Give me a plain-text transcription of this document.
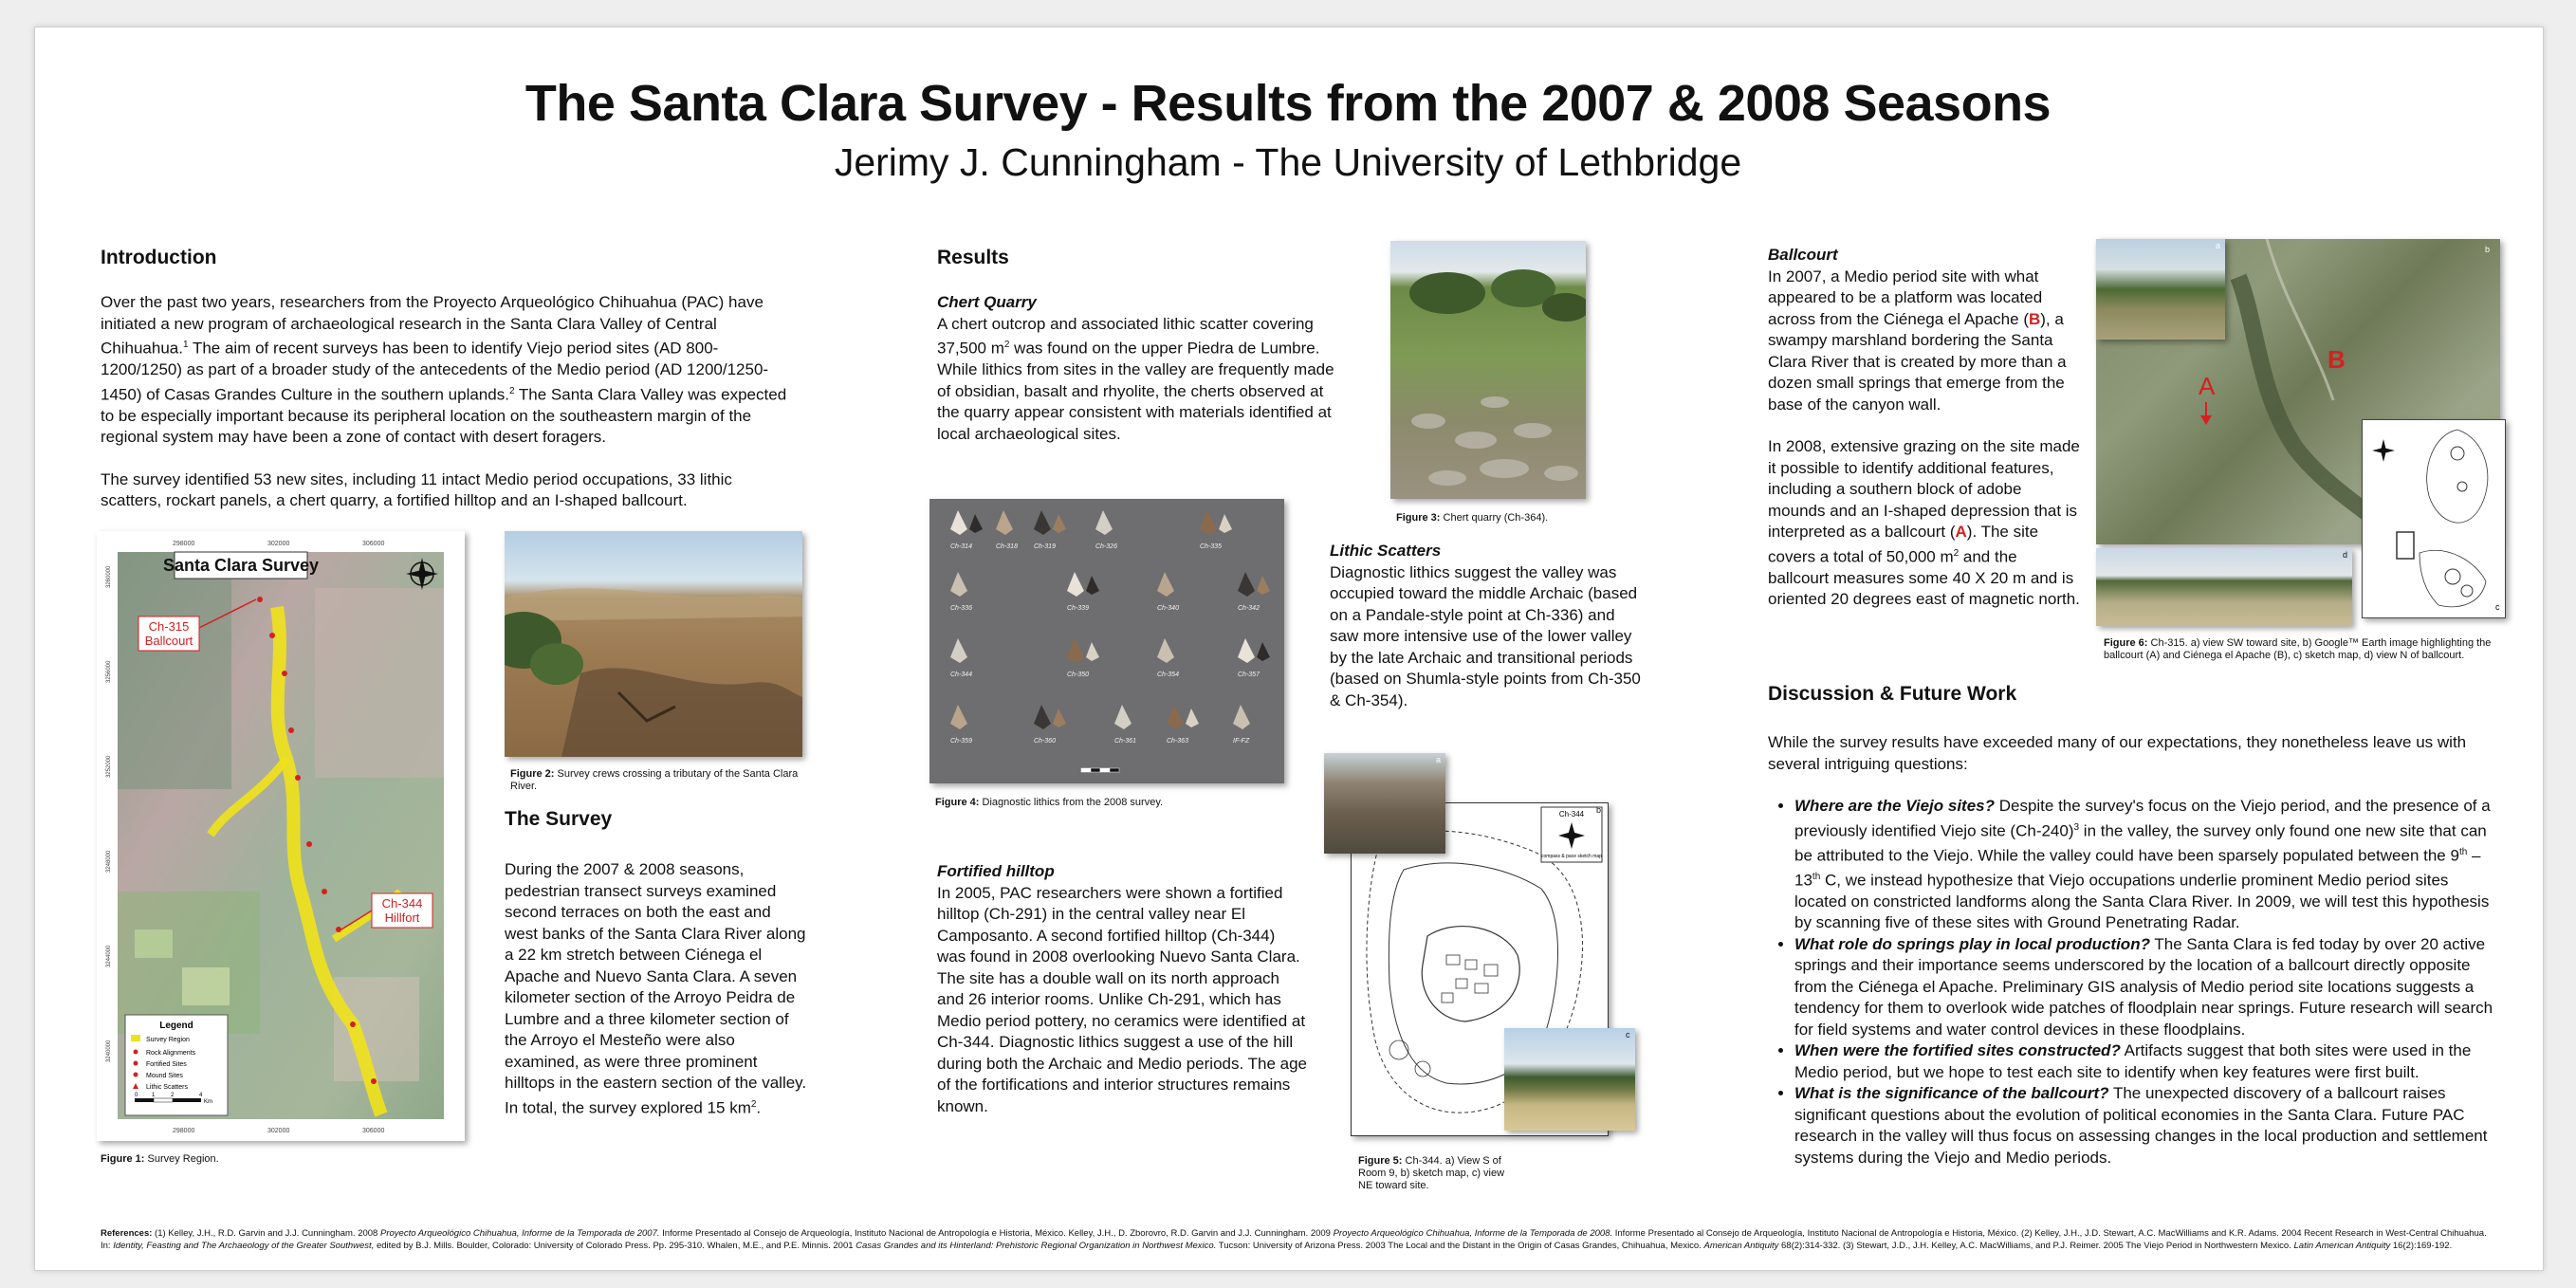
The Santa Clara Survey - Results from the 2007 & 2008 Seasons
Jerimy J. Cunningham - The University of Lethbridge
Introduction

Over the past two years, researchers from the Proyecto Arqueológico Chihuahua (PAC) have initiated a new program of archaeological research in the Santa Clara Valley of Central Chihuahua.$^1$ The aim of recent surveys has been to identify Viejo period sites (AD 800-1200/1250) as part of a broader study of the antecedents of the Medio period (AD 1200/1250-1450) of Casas Grandes Culture in the southern uplands.$^2$ The Santa Clara Valley was expected to be especially important because its peripheral location on the southeastern margin of the regional system may have been a zone of contact with desert foragers.

The survey identified 53 new sites, including 11 intact Medio period occupations, 33 lithic scatters, rockart panels, a chert quarry, a fortified hilltop and an I-shaped ballcourt.

Santa Clara Survey
Ch-315
Ballcourt
Ch-344
Hillfort
Legend
Survey Region
Rock Alignments
Fortified Sites
Mound Sites
Lithic Scatters
0 1	2	4
Km
298000	302000	306000
298000	302000	306000
3260000
3256000
3252000
3248000
3244000
3240000
Figure 1: Survey Region.
Figure 2: Survey crews crossing a tributary of the Santa Clara River.
The Survey
During the 2007 & 2008 seasons, pedestrian transect surveys examined second terraces on both the east and west banks of the Santa Clara River along a 22 km stretch between Ciénega el Apache and Nuevo Santa Clara. A seven kilometer section of the Arroyo Peidra de Lumbre and a three kilometer section of the Arroyo el Mesteño were also examined, as were three prominent hilltops in the eastern section of the valley. In total, the survey explored 15 $km^2$.
Results
Chert Quarry
A chert outcrop and associated lithic scatter covering 37,500 $m^2$ was found on the upper Piedra de Lumbre. While lithics from sites in the valley are frequently made of obsidian, basalt and rhyolite, the cherts observed at the quarry appear consistent with materials identified at local archaeological sites.
Ch-314	Ch-318 Ch-319	Ch-326	Ch-335
Ch-336	Ch-339	Ch-340	Ch-342
Ch-344	Ch-350	Ch-354	Ch-357
Ch-359	Ch-360	Ch-361	Ch-363	IF-FZ
Figure 4: Diagnostic lithics from the 2008 survey.
Fortified hilltop
In 2005, PAC researchers were shown a fortified hilltop (Ch-291) in the central valley near El Camposanto. A second fortified hilltop (Ch-344) was found in 2008 overlooking Nuevo Santa Clara. The site has a double wall on its north approach and 26 interior rooms. Unlike Ch-291, which has Medio period pottery, no ceramics were identified at Ch-344. Diagnostic lithics suggest a use of the hill during both the Archaic and Medio periods. The age of the fortifications and interior structures remains known.
Figure 3: Chert quarry (Ch-364).
Lithic Scatters
Diagnostic lithics suggest the valley was occupied toward the middle Archaic (based on a Pandale-style point at Ch-336) and saw more intensive use of the lower valley by the late Archaic and transitional periods (based on Shumla-style points from Ch-350 & Ch-354).
Ch-344
compass & pace sketch map
b
a
c
Figure 5: Ch-344. a) View S of Room 9, b) sketch map, c) view NE toward site.
Ballcourt

In 2007, a Medio period site with what appeared to be a platform was located across from the Ciénega el Apache (B), a swampy marshland bordering the Santa Clara River that is created by more than a dozen small springs that emerge from the base of the canyon wall.

In 2008, extensive grazing on the site made it possible to identify additional features, including a southern block of adobe mounds and an I-shaped depression that is interpreted as a ballcourt (A). The site covers a total of 50,000 $m^2$ and the ballcourt measures some 40 X 20 m and is oriented 20 degrees east of magnetic north.

B
A
b
a
c
d
Figure 6: Ch-315. a) view SW toward site, b) Google™ Earth image highlighting the ballcourt (A) and Ciénega el Apache (B), c) sketch map, d) view N of ballcourt.
Discussion & Future Work

While the survey results have exceeded many of our expectations, they nonetheless leave us with several intriguing questions:

• Where are the Viejo sites? Despite the survey's focus on the Viejo period, and the presence of a previously identified Viejo site $(Ch-240)^3$ in the valley, the survey only found one new site that can be attributed to the Viejo. While the valley could have been sparsely populated between the 9th – 13th C, we instead hypothesize that Viejo occupations underlie prominent Medio period sites located on constricted landforms along the Santa Clara River. In 2009, we will test this hypothesis by scanning five of these sites with Ground Penetrating Radar.
• What role do springs play in local production? The Santa Clara is fed today by over 20 active springs and their importance seems underscored by the location of a ballcourt directly opposite from the Ciénega el Apache. Preliminary GIS analysis of Medio period site locations suggests a tendency for them to overlook wide patches of floodplain near springs. Future research will search for field systems and water control devices in these floodplains.
• When were the fortified sites constructed? Artifacts suggest that both sites were used in the Medio period, but we hope to test each site to identify when key features were first built.
• What is the significance of the ballcourt? The unexpected discovery of a ballcourt raises significant questions about the evolution of political economies in the Santa Clara. Future PAC research in the valley will thus focus on assessing changes in the local production and settlement systems during the Viejo and Medio periods.
References: (1) Kelley, J.H., R.D. Garvin and J.J. Cunningham. 2008 Proyecto Arqueológico Chihuahua, Informe de la Temporada de 2007. Informe Presentado al Consejo de Arqueología, Instituto Nacional de Antropología e Historia, México. Kelley, J.H., D. Zborovro, R.D. Garvin and J.J. Cunningham. 2009 Proyecto Arqueológico Chihuahua, Informe de la Temporada de 2008. Informe Presentado al Consejo de Arqueología, Instituto Nacional de Antropología e Historia, México. (2) Kelley, J.H., J.D. Stewart, A.C. MacWilliams and K.R. Adams. 2004 Recent Research in West-Central Chihuahua. In: Identity, Feasting and The Archaeology of the Greater Southwest, edited by B.J. Mills. Boulder, Colorado: University of Colorado Press. Pp. 295-310. Whalen, M.E., and P.E. Minnis. 2001 Casas Grandes and its Hinterland: Prehistoric Regional Organization in Northwest Mexico. Tucson: University of Arizona Press. 2003 The Local and the Distant in the Origin of Casas Grandes, Chihuahua, Mexico. American Antiquity 68(2):314-332. (3) Stewart, J.D., J.H. Kelley, A.C. MacWilliams, and P.J. Reimer. 2005 The Viejo Period in Northwestern Mexico. Latin American Antiquity 16(2):169-192.
